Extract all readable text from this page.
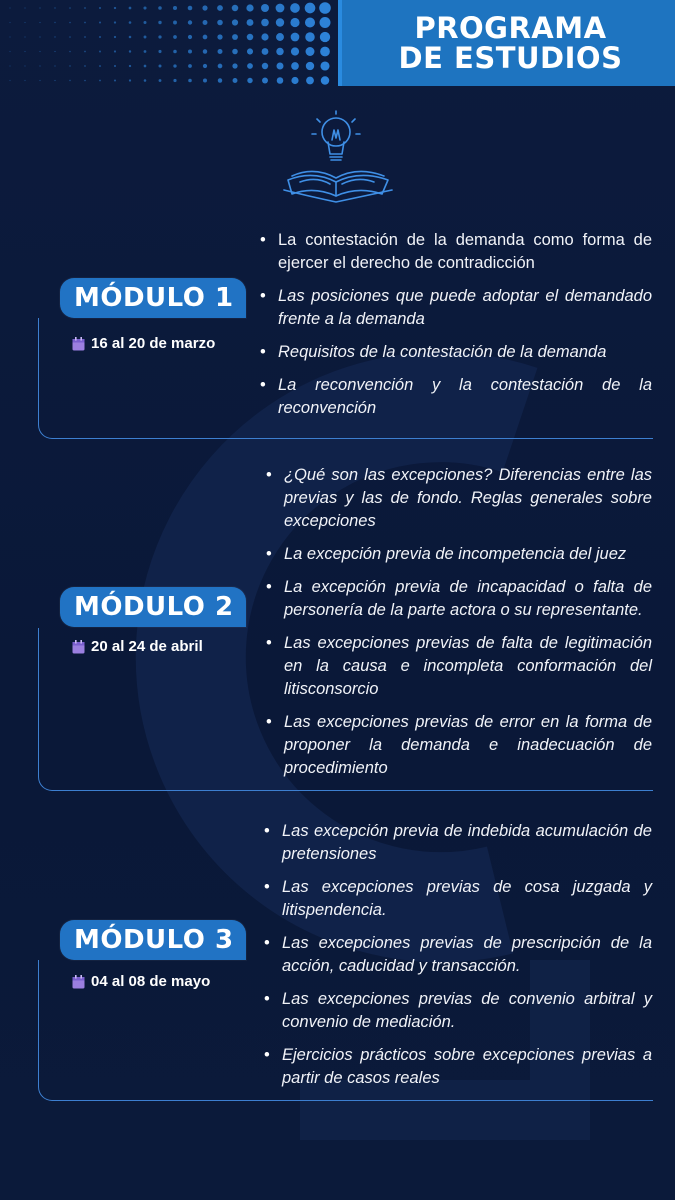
PROGRAMA
DE ESTUDIOS
MÓDULO 1
16 al 20 de marzo
• La contestación de la demanda como forma de ejercer el derecho de contradicción
• Las posiciones que puede adoptar el demandado frente a la demanda
• Requisitos de la contestación de la demanda
• La reconvención y la contestación de la reconvención
MÓDULO 2
20 al 24 de abril
• ¿Qué son las excepciones? Diferencias entre las previas y las de fondo. Reglas generales sobre excepciones
• La excepción previa de incompetencia del juez
• La excepción previa de incapacidad o falta de personería de la parte actora o su representante.
• Las excepciones previas de falta de legitimación en la causa e incompleta conformación del litisconsorcio
• Las excepciones previas de error en la forma de proponer la demanda e inadecuación de procedimiento
MÓDULO 3
04 al 08 de mayo
• Las excepción previa de indebida acumulación de pretensiones
• Las excepciones previas de cosa juzgada y litispendencia.
• Las excepciones previas de prescripción de la acción, caducidad y transacción.
• Las excepciones previas de convenio arbitral y convenio de mediación.
• Ejercicios prácticos sobre excepciones previas a partir de casos reales
